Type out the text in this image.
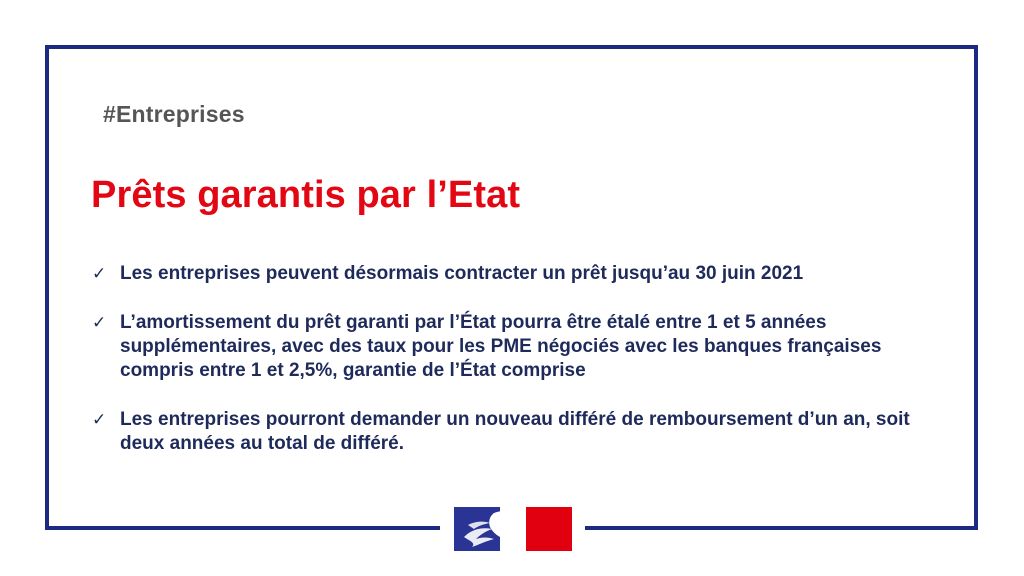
#Entreprises
Prêts garantis par l’Etat
✓ Les entreprises peuvent désormais contracter un prêt jusqu’au 30 juin 2021
✓ L’amortissement du prêt garanti par l’État pourra être étalé entre 1 et 5 années supplémentaires, avec des taux pour les PME négociés avec les banques françaises compris entre 1 et 2,5%, garantie de l’État comprise
✓ Les entreprises pourront demander un nouveau différé de remboursement d’un an, soit deux années au total de différé.
